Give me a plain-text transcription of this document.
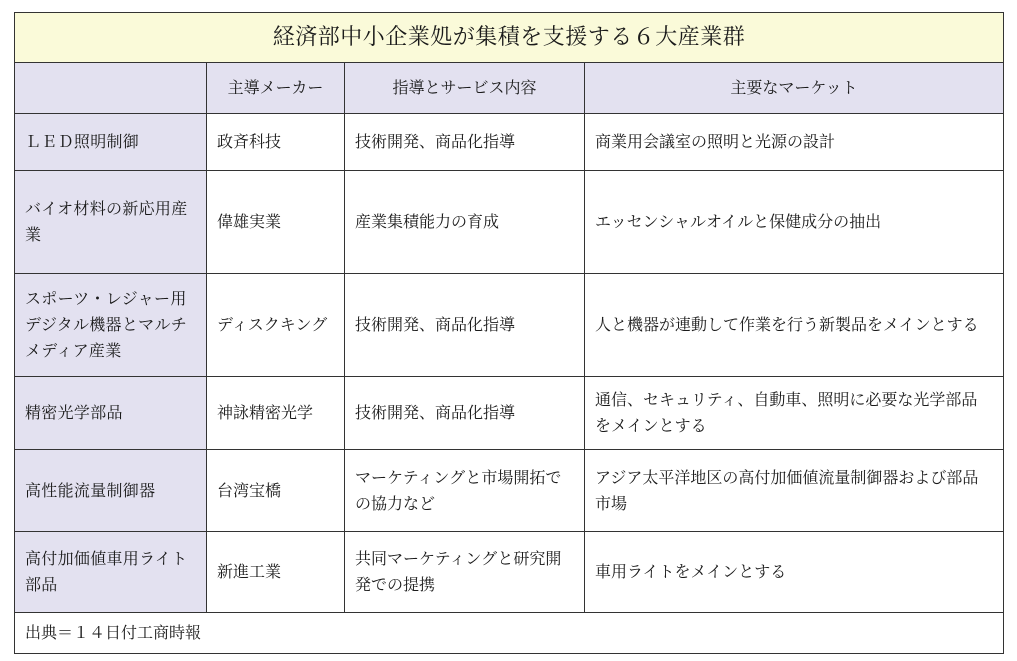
経済部中小企業処が集積を支援する６大産業群			
	主導メーカー	指導とサービス内容	主要なマーケット
ＬＥＤ照明制御	政斉科技	技術開発、商品化指導	商業用会議室の照明と光源の設計
バイオ材料の新応用産業	偉雄実業	産業集積能力の育成	エッセンシャルオイルと保健成分の抽出
スポーツ・レジャー用デジタル機器とマルチメディア産業	ディスクキング	技術開発、商品化指導	人と機器が連動して作業を行う新製品をメインとする
精密光学部品	神詠精密光学	技術開発、商品化指導	通信、セキュリティ、自動車、照明に必要な光学部品をメインとする
高性能流量制御器	台湾宝橋	マーケティングと市場開拓での協力など	アジア太平洋地区の高付加価値流量制御器および部品市場
高付加価値車用ライト部品	新進工業	共同マーケティングと研究開発での提携	車用ライトをメインとする
出典＝１４日付工商時報			
